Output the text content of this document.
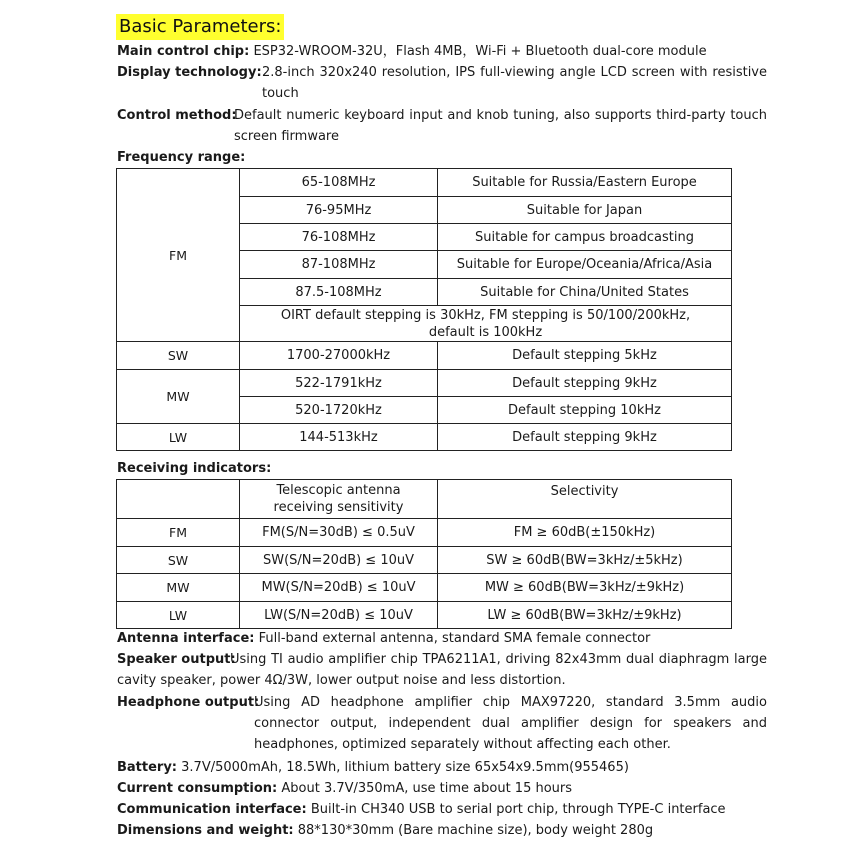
Basic Parameters:
Main control chip: ESP32-WROOM-32U，Flash 4MB，Wi-Fi + Bluetooth dual-core module
Display technology: 2.8-inch 320x240 resolution, IPS full-viewing angle LCD screen with resistive touch
Control method:
Default numeric keyboard input and knob tuning, also supports third-party touch screen firmware
Frequency range:
FM	65-108MHz	Suitable for Russia/Eastern Europe
	76-95MHz	Suitable for Japan
	76-108MHz	Suitable for campus broadcasting
	87-108MHz	Suitable for Europe/Oceania/Africa/Asia
	87.5-108MHz	Suitable for China/United States
	OIRT default stepping is 30kHz, FM stepping is 50/100/200kHz, default is 100kHz	
SW	1700-27000kHz	Default stepping 5kHz
MW	522-1791kHz	Default stepping 9kHz
	520-1720kHz	Default stepping 10kHz
LW	144-513kHz	Default stepping 9kHz
Receiving indicators:
	Telescopic antenna receiving sensitivity	Selectivity
FM	FM(S/N=30dB) ≤ 0.5uV	FM ≥ 60dB(±150kHz)
SW	SW(S/N=20dB) ≤ 10uV	SW ≥ 60dB(BW=3kHz/±5kHz)
MW	MW(S/N=20dB) ≤ 10uV	MW ≥ 60dB(BW=3kHz/±9kHz)
LW	LW(S/N=20dB) ≤ 10uV	LW ≥ 60dB(BW=3kHz/±9kHz)
Antenna interface: Full-band external antenna, standard SMA female connector
Speaker output:
Using TI audio amplifier chip TPA6211A1, driving 82x43mm dual diaphragm large cavity speaker, power 4Ω/3W, lower output noise and less distortion.
Headphone output:
Using AD headphone amplifier chip MAX97220, standard 3.5mm audio connector output, independent dual amplifier design for speakers and headphones, optimized separately without affecting each other.
Battery: 3.7V/5000mAh, 18.5Wh, lithium battery size 65x54x9.5mm(955465)
Current consumption: About 3.7V/350mA, use time about 15 hours
Communication interface: Built-in CH340 USB to serial port chip, through TYPE-C interface
Dimensions and weight: 88*130*30mm (Bare machine size), body weight 280g
